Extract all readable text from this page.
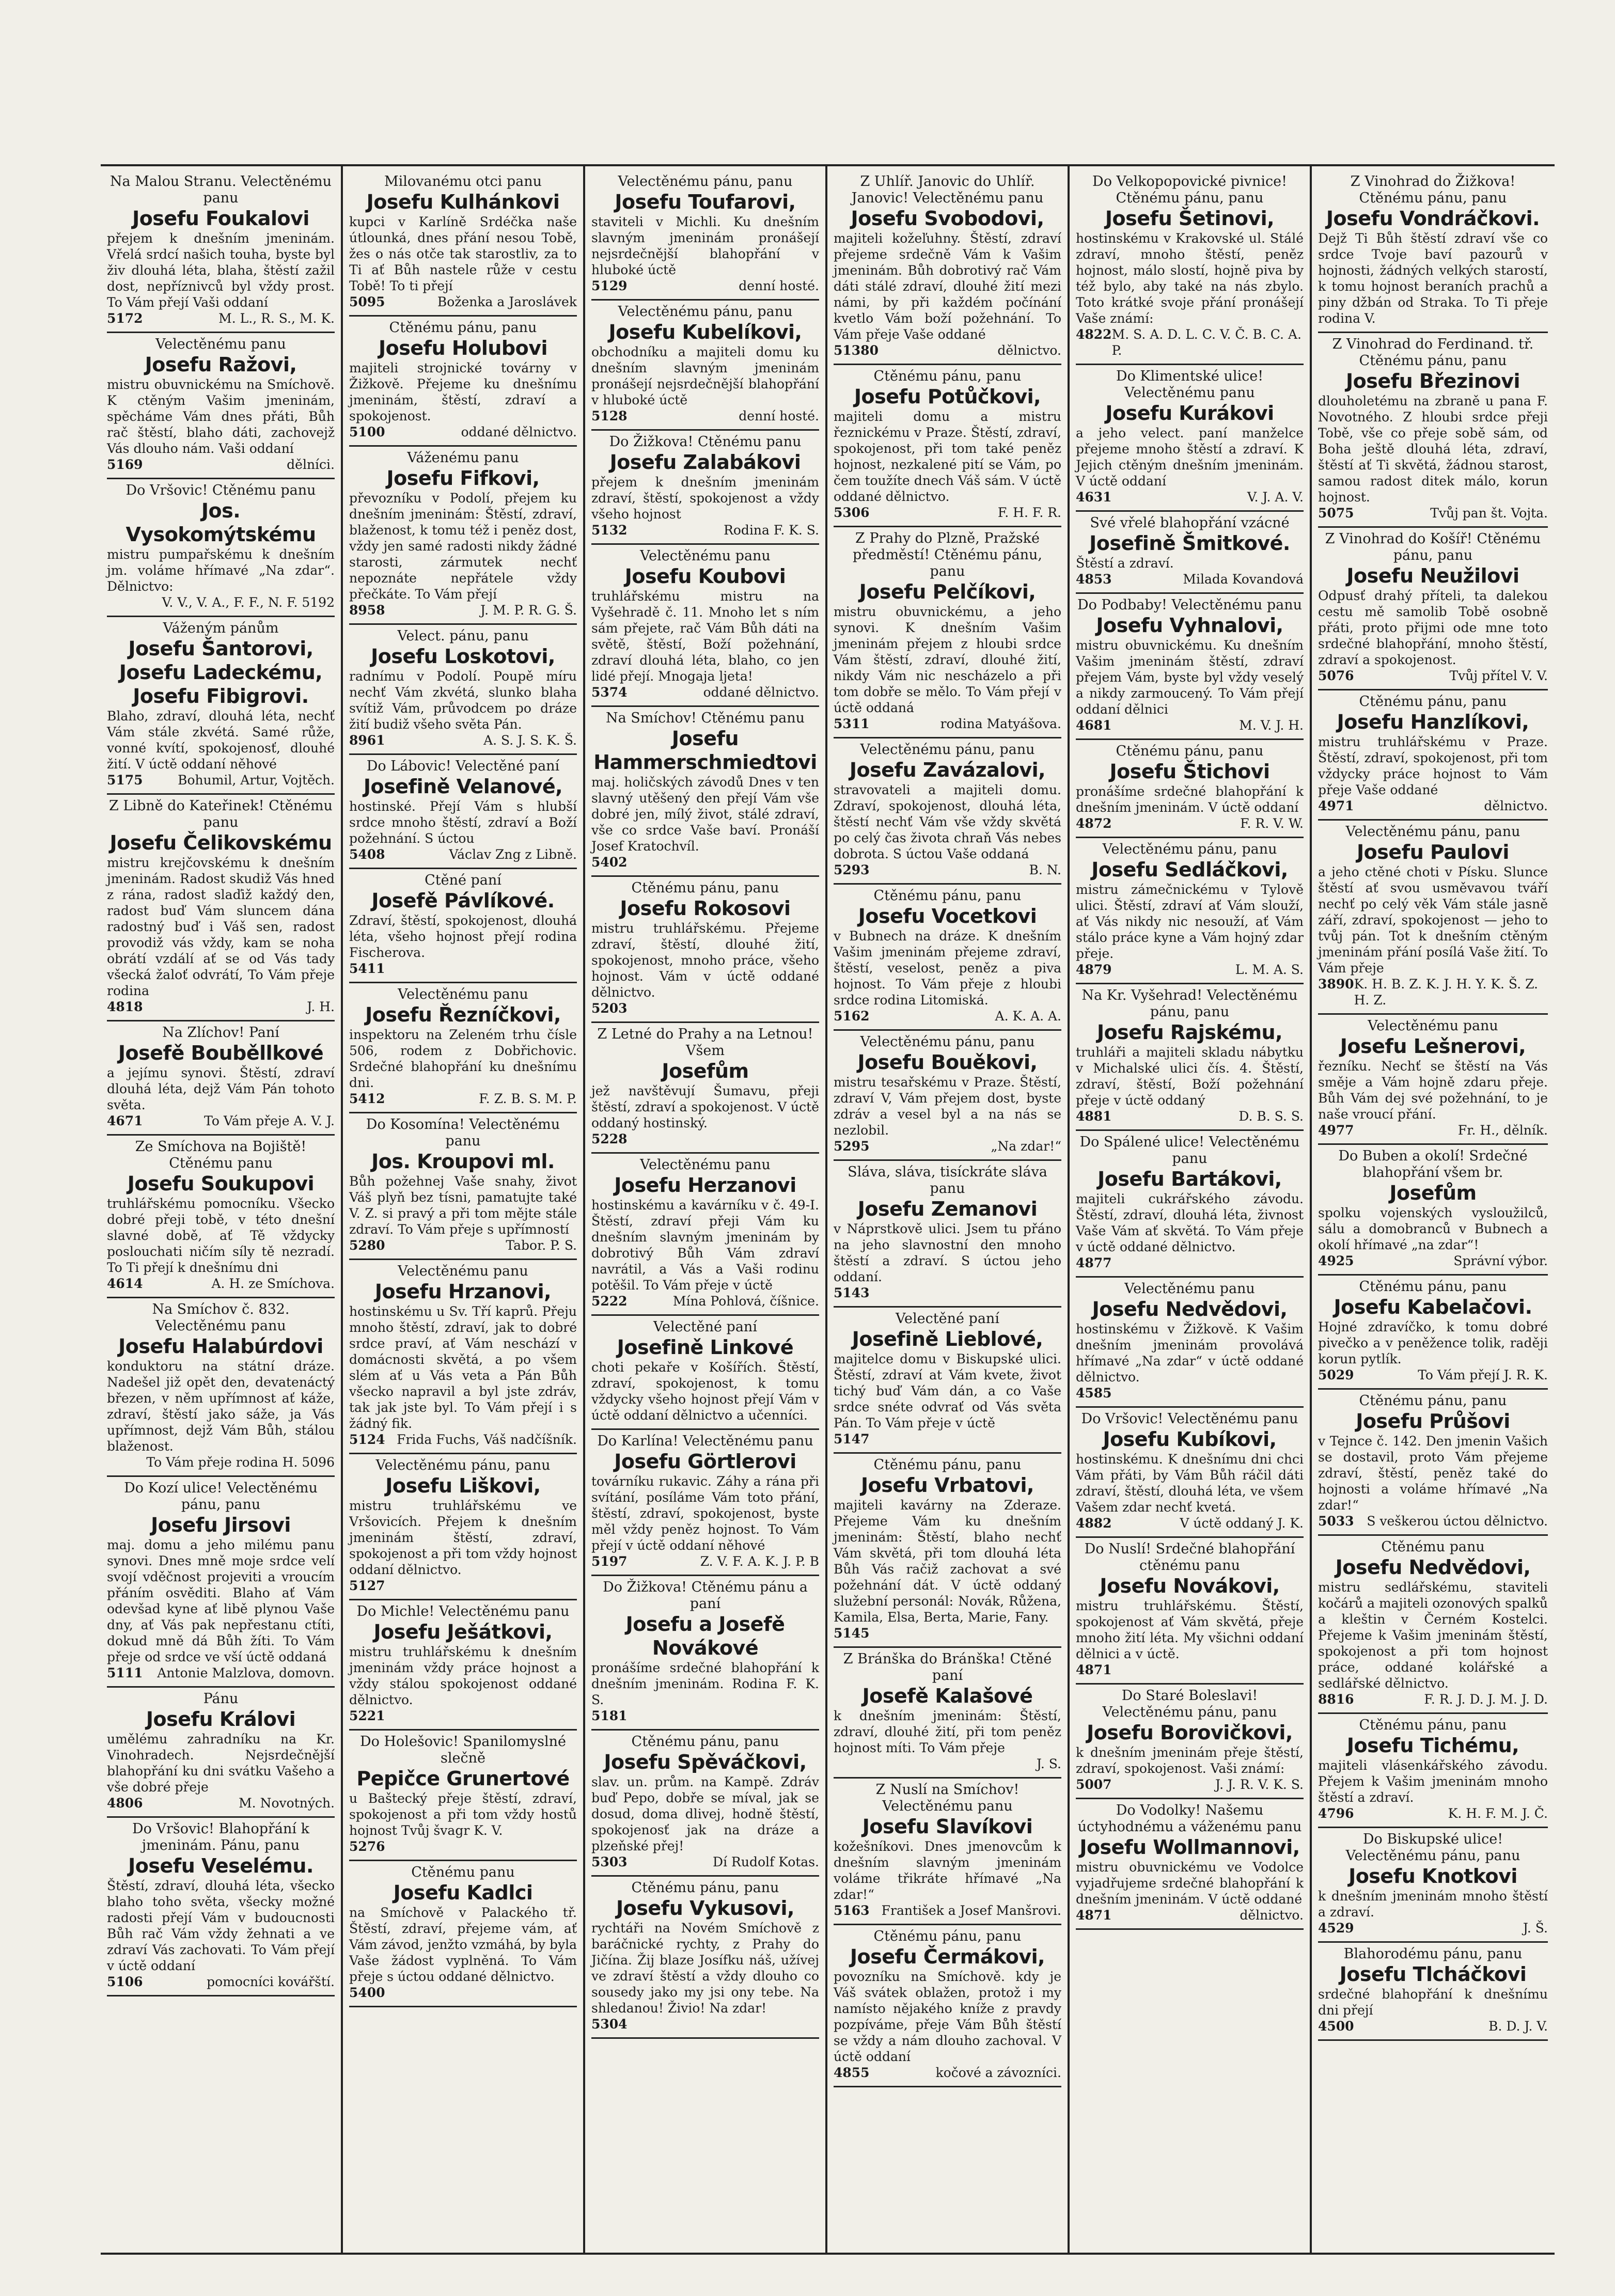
Na Malou Stranu. Velectěnému panu
Josefu Foukalovi
přejem k dnešním jmeninám. Vřelá srdcí našich touha, byste byl živ dlouhá léta, blaha, štěstí zažil dost, nepříznivců byl vždy prost. To Vám přejí Vaši oddaní
5172	M. L., R. S., M. K.
Velectěnému panu
Josefu Ražovi,
mistru obuvnickému na Smíchově. K ctěným Vašim jmeninám, spěcháme Vám dnes přáti, Bůh rač štěstí, blaho dáti, zachovejž Vás dlouho nám. Vaši oddaní
5169	dělníci.
Do Vršovic! Ctěnému panu
Jos. Vysokomýtskému
mistru pumpařskému k dnešním jm. voláme hřímavé „Na zdar“. Dělnictvo:
V. V., V. A., F. F., N. F. 5192
Váženým pánům
Josefu Šantorovi, Josefu Ladeckému, Josefu Fibigrovi.
Blaho, zdraví, dlouhá léta, nechť Vám stále zkvétá. Samé růže, vonné kvítí, spokojenosť, dlouhé žití. V úctě oddaní něhové
5175	Bohumil, Artur, Vojtěch.
Z Libně do Kateřinek! Ctěnému panu
Josefu Čelikovskému
mistru krejčovskému k dnešním jmeninám. Radost skudiž Vás hned z rána, radost slaďiž každý den, radost buď Vám sluncem dána radostný buď i Váš sen, radost provodiž vás vždy, kam se noha obrátí vzdálí ať se od Vás tady všecká žaloť odvrátí, To Vám přeje rodina
4818	J. H.
Na Zlíchov! Paní
Josefě Bouběllkové
a jejímu synovi. Štěstí, zdraví dlouhá léta, dejž Vám Pán tohoto světa.
4671	To Vám přeje A. V. J.
Ze Smíchova na Bojiště! Ctěnému panu
Josefu Soukupovi
truhlářskému pomocníku. Všecko dobré přeji tobě, v této dnešní slavné době, ať Tě vždycky poslouchati ničím síly tě nezradí. To Ti přejí k dnešnímu dni
4614	A. H. ze Smíchova.
Na Smíchov č. 832. Velectěnému panu
Josefu Halabúrdovi
konduktoru na státní dráze. Nadešel již opět den, devatenáctý březen, v něm upřímnost ať káže, zdraví, štěstí jako sáže, ja Vás upřímnost, dejž Vám Bůh, stálou blaženost.
To Vám přeje rodina H. 5096
Do Kozí ulice! Velectěnému pánu, panu
Josefu Jirsovi
maj. domu a jeho milému panu synovi. Dnes mně moje srdce velí svojí vděčnost projeviti a vroucím přáním osvěditi. Blaho ať Vám odevšad kyne ať libě plynou Vaše dny, ať Vás pak nepřestanu ctíti, dokud mně dá Bůh žíti. To Vám přeje od srdce ve vší úctě oddaná
5111 Antonie Malzlova, domovn.
Pánu
Josefu Královi
umělému zahradníku na Kr. Vinohradech. Nejsrdečnější blahopřání ku dni svátku Vašeho a vše dobré přeje
4806	M. Novotných.
Do Vršovic! Blahopřání k jmeninám. Pánu, panu
Josefu Veselému.
Štěstí, zdraví, dlouhá léta, všecko blaho toho světa, všecky možné radosti přejí Vám v budoucnosti Bůh rač Vám vždy žehnati a ve zdraví Vás zachovati. To Vám přejí v úctě oddaní
5106	pomocníci kovářští.
Milovanému otci panu
Josefu Kulhánkovi
kupci v Karlíně Srdéčka naše útlounká, dnes přání nesou Tobě, žes o nás otče tak starostliv, za to Ti ať Bůh nastele růže v cestu Tobě! To ti přejí
5095	Boženka a Jaroslávek
Ctěnému pánu, panu
Josefu Holubovi
majiteli strojnické továrny v Žižkově. Přejeme ku dnešnímu jmeninám, štěstí, zdraví a spokojenost.
5100	oddané dělnictvo.
Váženému panu
Josefu Fifkovi,
převozníku v Podolí, přejem ku dnešním jmeninám: Štěstí, zdraví, blaženost, k tomu též i peněz dost, vždy jen samé radosti nikdy žádné starosti, zármutek nechť nepoznáte nepřátele vždy přečkáte. To Vám přejí
8958	J. M. P. R. G. Š.
Velect. pánu, panu
Josefu Loskotovi,
radnímu v Podolí. Poupě míru nechť Vám zkvétá, slunko blaha svítiž Vám, průvodcem po dráze žití budiž všeho světa Pán.
8961	A. S. J. S. K. Š.
Do Lábovic! Velectěné paní
Josefině Velanové,
hostinské. Přejí Vám s hlubší srdce mnoho štěstí, zdraví a Boží požehnání. S úctou
5408	Václav Zng z Libně.
Ctěné paní
Josefě Pávlíkové.
Zdraví, štěstí, spokojenost, dlouhá léta, všeho hojnost přejí rodina Fischerova.
5411
Velectěnému panu
Josefu Řezníčkovi,
inspektoru na Zeleném trhu čísle 506, rodem z Dobřichovic. Srdečné blahopřání ku dnešnímu dni.
5412	F. Z. B. S. M. P.
Do Kosomína! Velectěnému panu
Jos. Kroupovi ml.
Bůh požehnej Vaše snahy, život Váš plyň bez tísni, pamatujte také V. Z. si pravý a při tom mějte stále zdraví. To Vám přeje s upřímností
5280	Tabor. P. S.
Velectěnému panu
Josefu Hrzanovi,
hostinskému u Sv. Tří kaprů. Přeju mnoho štěstí, zdraví, jak to dobré srdce praví, ať Vám neschází v domácnosti skvětá, a po všem slém ať u Vás veta a Pán Bůh všecko napravil a byl jste zdráv, tak jak jste byl. To Vám přejí i s žádný fik.
5124 Frida Fuchs, Váš nadčíšník.
Velectěnému pánu, panu
Josefu Liškovi,
mistru truhlářskému ve Vršovicích. Přejem k dnešním jmeninám štěstí, zdraví, spokojenost a při tom vždy hojnost oddaní dělnictvo.
5127
Do Michle! Velectěnému panu
Josefu Ješátkovi,
mistru truhlářskému k dnešním jmeninám vždy práce hojnost a vždy stálou spokojenost oddané dělnictvo.
5221
Do Holešovic! Spanilomyslné slečně
Pepičce Grunertové
u Baštecký přeje štěstí, zdraví, spokojenost a při tom vždy hostů hojnost Tvůj švagr K. V.
5276
Ctěnému panu
Josefu Kadlci
na Smíchově v Palackého tř. Štěstí, zdraví, přejeme vám, ať Vám závod, jenžto vzmáhá, by byla Vaše žádost vyplněná. To Vám přeje s úctou oddané dělnictvo.
5400
Velectěnému pánu, panu
Josefu Toufarovi,
staviteli v Michli. Ku dnešním slavným jmeninám pronášejí nejsrdečnější blahopřání v hluboké úctě
5129	denní hosté.
Velectěnému pánu, panu
Josefu Kubelíkovi,
obchodníku a majiteli domu ku dnešním slavným jmeninám pronášejí nejsrdečnější blahopřání v hluboké úctě
5128	denní hosté.
Do Žižkova! Ctěnému panu
Josefu Zalabákovi
přejem k dnešním jmeninám zdraví, štěstí, spokojenost a vždy všeho hojnost
5132	Rodina F. K. S.
Velectěnému panu
Josefu Koubovi
truhlářskému mistru na Vyšehradě č. 11. Mnoho let s ním sám přejete, rač Vám Bůh dáti na světě, štěstí, Boží požehnání, zdraví dlouhá léta, blaho, co jen lidé přejí. Mnogaja ljeta!
5374	oddané dělnictvo.
Na Smíchov! Ctěnému panu
Josefu Hammerschmiedtovi
maj. holičských závodů Dnes v ten slavný utěšený den přejí Vám vše dobré jen, mílý život, stálé zdraví, vše co srdce Vaše baví. Pronáší Josef Kratochvíl.
5402
Ctěnému pánu, panu
Josefu Rokosovi
mistru truhlářskému. Přejeme zdraví, štěstí, dlouhé žití, spokojenost, mnoho práce, všeho hojnost. Vám v úctě oddané dělnictvo.
5203
Z Letné do Prahy a na Letnou! Všem
Josefům
jež navštěvují Šumavu, přeji štěstí, zdraví a spokojenost. V úctě oddaný hostinský.
5228
Velectěnému panu
Josefu Herzanovi
hostinskému a kavárníku v č. 49-I. Štěstí, zdraví přeji Vám ku dnešním slavným jmeninám by dobrotivý Bůh Vám zdraví navrátil, a Vás a Vaši rodinu potěšil. To Vám přeje v úctě
5222	Mína Pohlová, číšnice.
Velectěné paní
Josefině Linkové
choti pekaře v Košířích. Štěstí, zdraví, spokojenost, k tomu vždycky všeho hojnost přejí Vám v úctě oddaní dělnictvo a učenníci.
Do Karlína! Velectěnému panu
Josefu Görtlerovi
továrníku rukavic. Záhy a rána při svítání, posíláme Vám toto přání, štěstí, zdraví, spokojenost, byste měl vždy peněz hojnost. To Vám přejí v úctě oddaní něhové
5197	Z. V. F. A. K. J. P. B
Do Žižkova! Ctěnému pánu a paní
Josefu a Josefě Novákové
pronášíme srdečné blahopřání k dnešním jmeninám. Rodina F. K. S.
5181
Ctěnému pánu, panu
Josefu Spěváčkovi,
slav. un. prům. na Kampě. Zdráv buď Pepo, dobře se míval, jak se dosud, doma dlivej, hodně štěstí, spokojenosť jak na dráze a plzeňské přej!
5303	Dí Rudolf Kotas.
Ctěnému pánu, panu
Josefu Vykusovi,
rychtáři na Novém Smíchově z baráčnické rychty, z Prahy do Jičína. Žij blaze Josífku náš, užívej ve zdraví štěstí a vždy dlouho co sousedy jako my jsi ony tebe. Na shledanou! Živio! Na zdar!
5304
Z Uhlíř. Janovic do Uhlíř. Janovic! Velectěnému panu
Josefu Svobodovi,
majiteli kožeľuhny. Štěstí, zdraví přejeme srdečně Vám k Vašim jmeninám. Bůh dobrotivý rač Vám dáti stálé zdraví, dlouhé žití mezi námi, by při každém počínání kvetlo Vám boží požehnání. To Vám přeje Vaše oddané
51380	dělnictvo.
Ctěnému pánu, panu
Josefu Potůčkovi,
majiteli domu a mistru řeznickému v Praze. Štěstí, zdraví, spokojenost, při tom také peněz hojnost, nezkalené pití se Vám, po čem toužíte dnech Váš sám. V úctě oddané dělnictvo.
5306	F. H. F. R.
Z Prahy do Plzně, Pražské předměstí! Ctěnému pánu, panu
Josefu Pelčíkovi,
mistru obuvnickému, a jeho synovi. K dnešním Vašim jmeninám přejem z hloubi srdce Vám štěstí, zdraví, dlouhé žití, nikdy Vám nic nescházelo a při tom dobře se mělo. To Vám přejí v úctě oddaná
5311	rodina Matyášova.
Velectěnému pánu, panu
Josefu Zavázalovi,
stravovateli a majiteli domu. Zdraví, spokojenost, dlouhá léta, štěstí nechť Vám vše vždy skvětá po celý čas života chraň Vás nebes dobrota. S úctou Vaše oddaná
5293	B. N.
Ctěnému pánu, panu
Josefu Vocetkovi
v Bubnech na dráze. K dnešním Vašim jmeninám přejeme zdraví, štěstí, veselost, peněz a piva hojnost. To Vám přeje z hloubi srdce rodina Litomiská.
5162	A. K. A. A.
Velectěnému pánu, panu
Josefu Bouěkovi,
mistru tesařskému v Praze. Štěstí, zdraví V, Vám přejem dost, byste zdráv a vesel byl a na nás se nezlobil.
5295	„Na zdar!“
Sláva, sláva, tisíckráte sláva panu
Josefu Zemanovi
v Náprstkově ulici. Jsem tu přáno na jeho slavnostní den mnoho štěstí a zdraví. S úctou jeho oddaní.
5143
Velectěné paní
Josefině Lieblové,
majitelce domu v Biskupské ulici. Štěstí, zdraví at Vám kvete, život tichý buď Vám dán, a co Vaše srdce snéte odvrať od Vás světa Pán. To Vám přeje v úctě
5147
Ctěnému pánu, panu
Josefu Vrbatovi,
majiteli kavárny na Zderaze. Přejeme Vám ku dnešním jmeninám: Štěstí, blaho nechť Vám skvětá, při tom dlouhá léta Bůh Vás račiž zachovat a své požehnání dát. V úctě oddaný služební personál: Novák, Růžena, Kamila, Elsa, Berta, Marie, Fany.
5145
Z Bránška do Bránška! Ctěné paní
Josefě Kalašové
k dnešním jmeninám: Štěstí, zdraví, dlouhé žití, při tom peněz hojnost míti. To Vám přeje
J. S.
Z Nuslí na Smíchov! Velectěnému panu
Josefu Slavíkovi
kožešníkovi. Dnes jmenovcům k dnešním slavným jmeninám voláme třikráte hřímavé „Na zdar!“
5163 František a Josef Manšrovi.
Ctěnému pánu, panu
Josefu Čermákovi,
povozníku na Smíchově. kdy je Váš svátek oblažen, protož i my namísto nějakého kníže z pravdy pozpíváme, přeje Vám Bůh štěstí se vždy a nám dlouho zachoval. V úctě oddaní
4855	kočové a závozníci.
Do Velkopopovické pivnice! Ctěnému pánu, panu
Josefu Šetinovi,
hostinskému v Krakovské ul. Stálé zdraví, mnoho štěstí, peněz hojnost, málo slostí, hojně piva by též bylo, aby také na nás zbylo. Toto krátké svoje přání pronášejí Vaše známí:
4822 M. S. A. D. L. C. V. Č. B. C. A. P.
Do Klimentské ulice! Velectěnému panu
Josefu Kurákovi
a jeho velect. paní manželce přejeme mnoho štěstí a zdraví. K Jejich ctěným dnešním jmeninám. V úctě oddaní
4631	V. J. A. V.
Své vřelé blahopřání vzácné
Josefině Šmitkové.
Štěstí a zdraví.
4853	Milada Kovandová
Do Podbaby! Velectěnému panu
Josefu Vyhnalovi,
mistru obuvnickému. Ku dnešním Vašim jmeninám štěstí, zdraví přejem Vám, byste byl vždy veselý a nikdy zarmoucený. To Vám přejí oddaní dělnici
4681	M. V. J. H.
Ctěnému pánu, panu
Josefu Štichovi
pronášíme srdečné blahopřání k dnešním jmeninám. V úctě oddaní
4872	F. R. V. W.
Velectěnému pánu, panu
Josefu Sedláčkovi,
mistru zámečnickému v Tylově ulici. Štěstí, zdraví ať Vám slouží, ať Vás nikdy nic nesouží, ať Vám stálo práce kyne a Vám hojný zdar přeje.
4879	L. M. A. S.
Na Kr. Vyšehrad! Velectěnému pánu, panu
Josefu Rajskému,
truhláři a majiteli skladu nábytku v Michalské ulici čís. 4. Štěstí, zdraví, štěstí, Boží požehnání přeje v úctě oddaný
4881	D. B. S. S.
Do Spálené ulice! Velectěnému panu
Josefu Bartákovi,
majiteli cukrářského závodu. Štěstí, zdraví, dlouhá léta, živnost Vaše Vám ať skvětá. To Vám přeje v úctě oddané dělnictvo.
4877
Velectěnému panu
Josefu Nedvědovi,
hostinskému v Žižkově. K Vašim dnešním jmeninám provolává hřímavé „Na zdar“ v úctě oddané dělnictvo.
4585
Do Vršovic! Velectěnému panu
Josefu Kubíkovi,
hostinskému. K dnešnímu dni chci Vám přáti, by Vám Bůh ráčil dáti zdraví, štěstí, dlouhá léta, ve všem Vašem zdar nechť kvetá.
4882	V úctě oddaný J. K.
Do Nuslí! Srdečné blahopřání ctěnému panu
Josefu Novákovi,
mistru truhlářskému. Štěstí, spokojenost ať Vám skvětá, přeje mnoho žití léta. My všichni oddaní dělnici a v úctě.
4871
Do Staré Boleslavi! Velectěnému pánu, panu
Josefu Borovičkovi,
k dnešním jmeninám přeje štěstí, zdraví, spokojenost. Vaši známí:
5007	J. J. R. V. K. S.
Do Vodolky! Našemu úctyhodnému a váženému panu
Josefu Wollmannovi,
mistru obuvnickému ve Vodolce vyjadřujeme srdečné blahopřání k dnešním jmeninám. V úctě oddané
4871	dělnictvo.
Z Vinohrad do Žižkova! Ctěnému pánu, panu
Josefu Vondráčkovi.
Dejž Ti Bůh štěstí zdraví vše co srdce Tvoje baví pazourů v hojnosti, žádných velkých starostí, k tomu hojnost beraních prachů a piny džbán od Straka. To Ti přeje rodina V.
Z Vinohrad do Ferdinand. tř. Ctěnému pánu, panu
Josefu Březinovi
dlouholetému na zbraně u pana F. Novotného. Z hloubi srdce přeji Tobě, vše co přeje sobě sám, od Boha ještě dlouhá léta, zdraví, štěstí ať Ti skvětá, žádnou starost, samou radost ditek málo, korun hojnost.
5075	Tvůj pan št. Vojta.
Z Vinohrad do Košíř! Ctěnému pánu, panu
Josefu Neužilovi
Odpusť drahý příteli, ta dalekou cestu mě samolib Tobě osobně přáti, proto přijmi ode mne toto srdečné blahopřání, mnoho štěstí, zdraví a spokojenost.
5076	Tvůj přítel V. V.
Ctěnému pánu, panu
Josefu Hanzlíkovi,
mistru truhlářskému v Praze. Štěstí, zdraví, spokojenost, při tom vždycky práce hojnost to Vám přeje Vaše oddané
4971	dělnictvo.
Velectěnému pánu, panu
Josefu Paulovi
a jeho ctěné choti v Písku. Slunce štěstí ať svou usměvavou tváří nechť po celý věk Vám stále jasně září, zdraví, spokojenost — jeho to tvůj pán. Tot k dnešním ctěným jmeninám přání posílá Vaše žití. To Vám přeje
3890 K. H. B. Z. K. J. H. Y. K. Š. Z. H. Z.
Velectěnému panu
Josefu Lešnerovi,
řezníku. Nechť se štěstí na Vás směje a Vám hojně zdaru přeje. Bůh Vám dej své požehnání, to je naše vroucí přání.
4977	Fr. H., dělník.
Do Buben a okolí! Srdečné blahopřání všem br.
Josefům
spolku vojenských vysloužilců, sálu a domobranců v Bubnech a okolí hřímavé „na zdar“!
4925	Správní výbor.
Ctěnému pánu, panu
Josefu Kabelačovi.
Hojné zdravíčko, k tomu dobré pivečko a v peněžence tolik, raději korun pytlík.
5029	To Vám přejí J. R. K.
Ctěnému pánu, panu
Josefu Průšovi
v Tejnce č. 142. Den jmenin Vašich se dostavil, proto Vám přejeme zdraví, štěstí, peněz také do hojnosti a voláme hřímavé „Na zdar!“
5033 S veškerou úctou dělnictvo.
Ctěnému panu
Josefu Nedvědovi,
mistru sedlářskému, staviteli kočárů a majiteli ozonových spalků a kleštin v Černém Kostelci. Přejeme k Vašim jmeninám štěstí, spokojenost a při tom hojnost práce, oddané kolářské a sedlářské dělnictvo.
8816	F. R. J. D. J. M. J. D.
Ctěnému pánu, panu
Josefu Tichému,
majiteli vlásenkářského závodu. Přejem k Vašim jmeninám mnoho štěstí a zdraví.
4796	K. H. F. M. J. Č.
Do Biskupské ulice! Velectěnému pánu, panu
Josefu Knotkovi
k dnešním jmeninám mnoho štěstí a zdraví.
4529	J. Š.
Blahorodému pánu, panu
Josefu Tlcháčkovi
srdečné blahopřání k dnešnímu dni přejí
4500	B. D. J. V.
